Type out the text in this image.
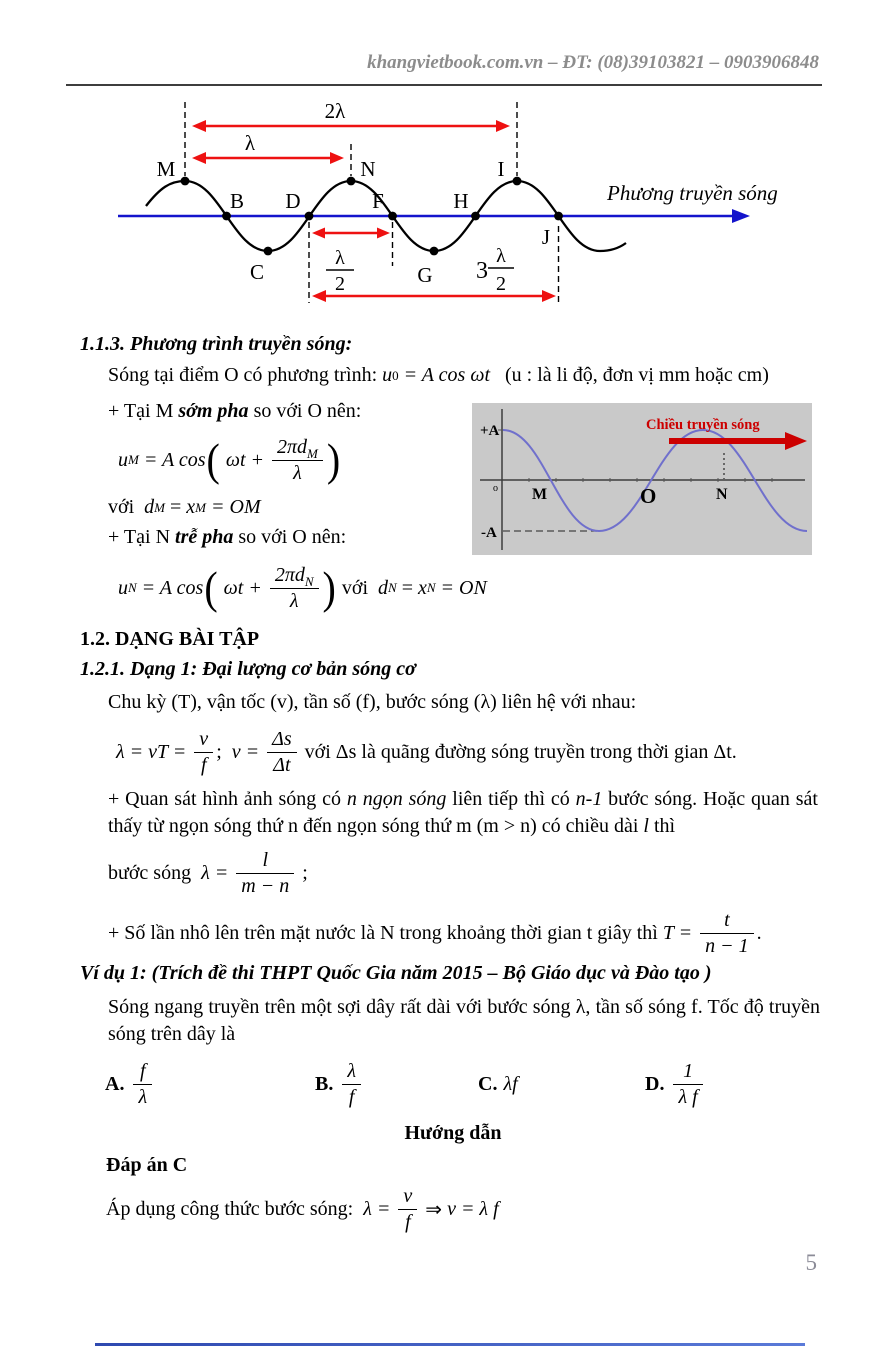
khangvietbook.com.vn – ĐT: (08)39103821 – 0903906848
2λ
λ
M	N	I
B D	F	H
J
C	G
λ
2	3
λ
2
Phương truyền sóng
1.1.3. Phương trình truyền sóng:
Sóng tại điểm O có phương trình: u 0 = A cos ωt (u : là li độ, đơn vị mm hoặc cm)
+ Tại M sớm pha so với O nên:
u M = A cos ( $\omega t + \frac{2\pi d_M}{\lambda}$ )
với d M = x M = OM
+ Tại N trễ pha so với O nên:
u N = A cos ( $\omega t + \frac{2\pi d_N}{\lambda}$ ) với d N = x N = ON
+A
-A
M	O	N
o
Chiều truyền sóng
1.2. DẠNG BÀI TẬP
1.2.1. Dạng 1: Đại lượng cơ bản sóng cơ
Chu kỳ (T), vận tốc (v), tần số (f), bước sóng (λ) liên hệ với nhau:
λ = vT = $\frac{v}{f}$ ; $v = \frac{\Delta s}{\Delta t}$ với Δs là quãng đường sóng truyền trong thời gian Δt.
+ Quan sát hình ảnh sóng có n ngọn sóng liên tiếp thì có n-1 bước sóng. Hoặc quan sát thấy từ ngọn sóng thứ n đến ngọn sóng thứ m (m > n) có chiều dài l thì
bước sóng $\lambda = \frac{l}{m - n}$ ;
+ Số lần nhô lên trên mặt nước là N trong khoảng thời gian t giây thì $T = \frac{t}{n - 1}$ .
Ví dụ 1: (Trích đề thi THPT Quốc Gia năm 2015 – Bộ Giáo dục và Đào tạo )
Sóng ngang truyền trên một sợi dây rất dài với bước sóng λ, tần số sóng f. Tốc độ truyền sóng trên dây là
A. $\frac{f}{\lambda}$	B. $\frac{\lambda}{f}$	C. λf	D. $\frac{1}{\text{λ f}}$
Hướng dẫn
Đáp án C
Áp dụng công thức bước sóng: $\lambda = \frac{v}{f}$ ⇒ v = λ f
5
